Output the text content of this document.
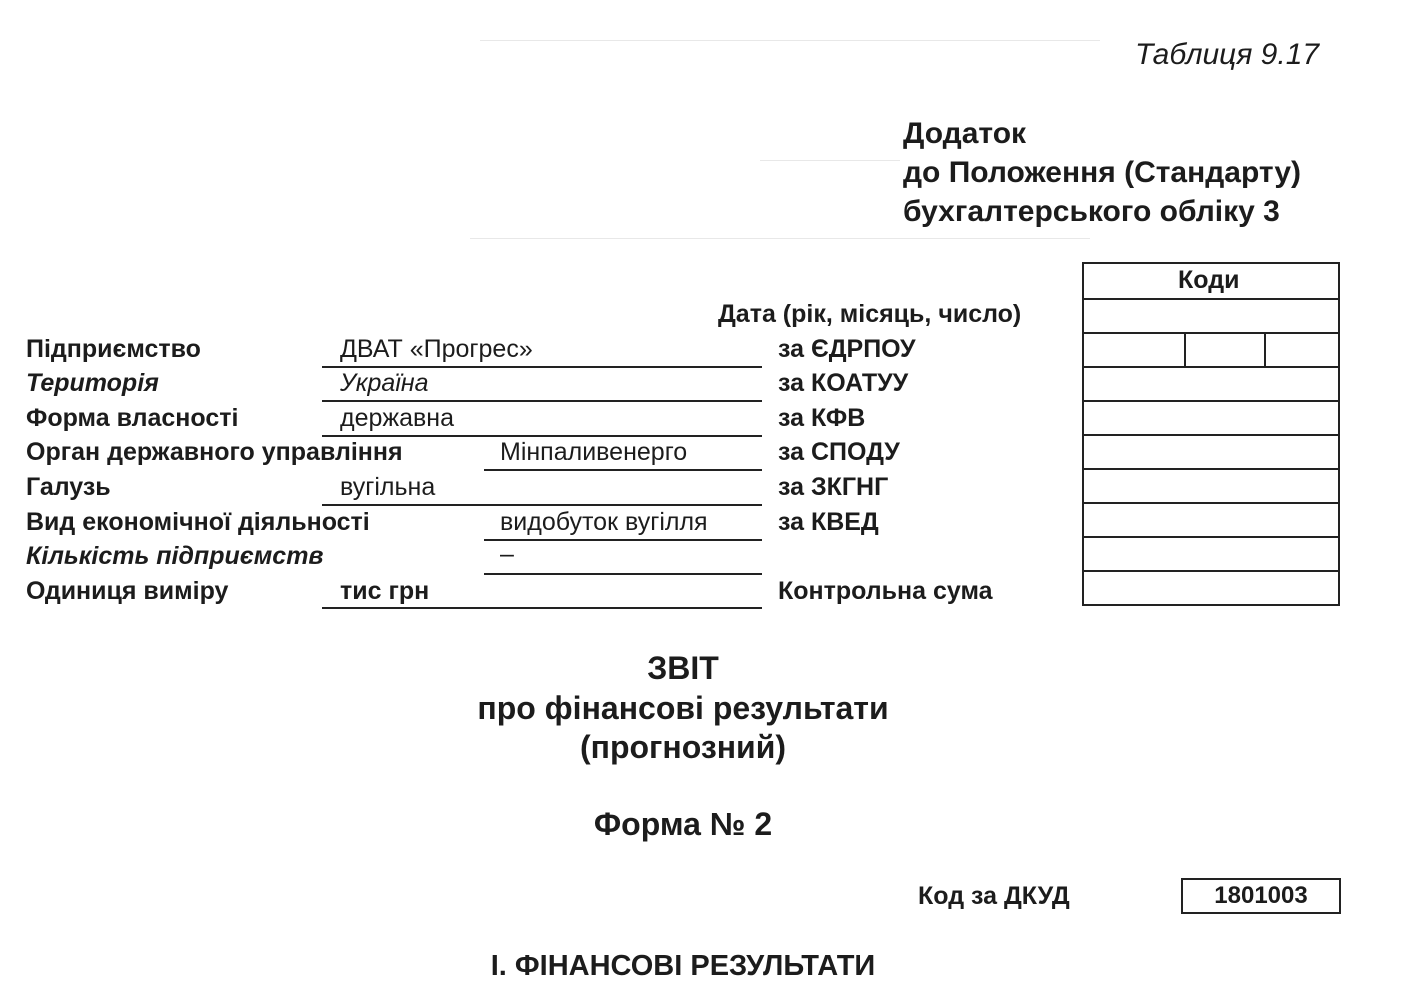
Таблиця 9.17
Додаток
до Положення (Стандарту)
бухгалтерського обліку 3
Коди
Дата (рік, місяць, число)
Підприємство	ДВАТ «Прогрес»	за ЄДРПОУ
Територія	Україна	за КОАТУУ
Форма власності	державна	за КФВ
Орган державного управління	Мінпаливенерго	за СПОДУ
Галузь	вугільна	за ЗКГНГ
Вид економічної діяльності	видобуток вугілля	за КВЕД
Кількість підприємств	–
Одиниця виміру	тис грн	Контрольна сума
ЗВІТ
про фінансові результати
(прогнозний)
Форма № 2
Код за ДКУД	1801003
І. ФІНАНСОВІ РЕЗУЛЬТАТИ
